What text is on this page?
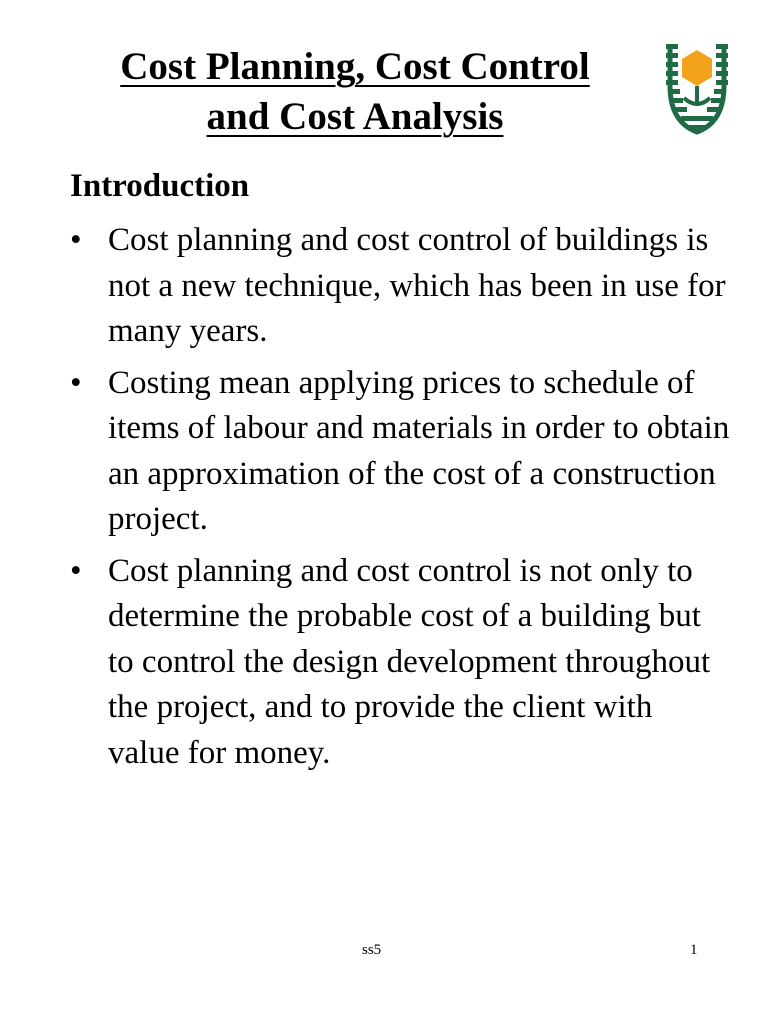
Cost Planning, Cost Control
and Cost Analysis
Introduction
• Cost planning and cost control of buildings is not a new technique, which has been in use for many years.
• Costing mean applying prices to schedule of items of labour and materials in order to obtain an approximation of the cost of a construction project.
• Cost planning and cost control is not only to determine the probable cost of a building but to control the design development throughout the project, and to provide the client with value for money.
ss5	1
